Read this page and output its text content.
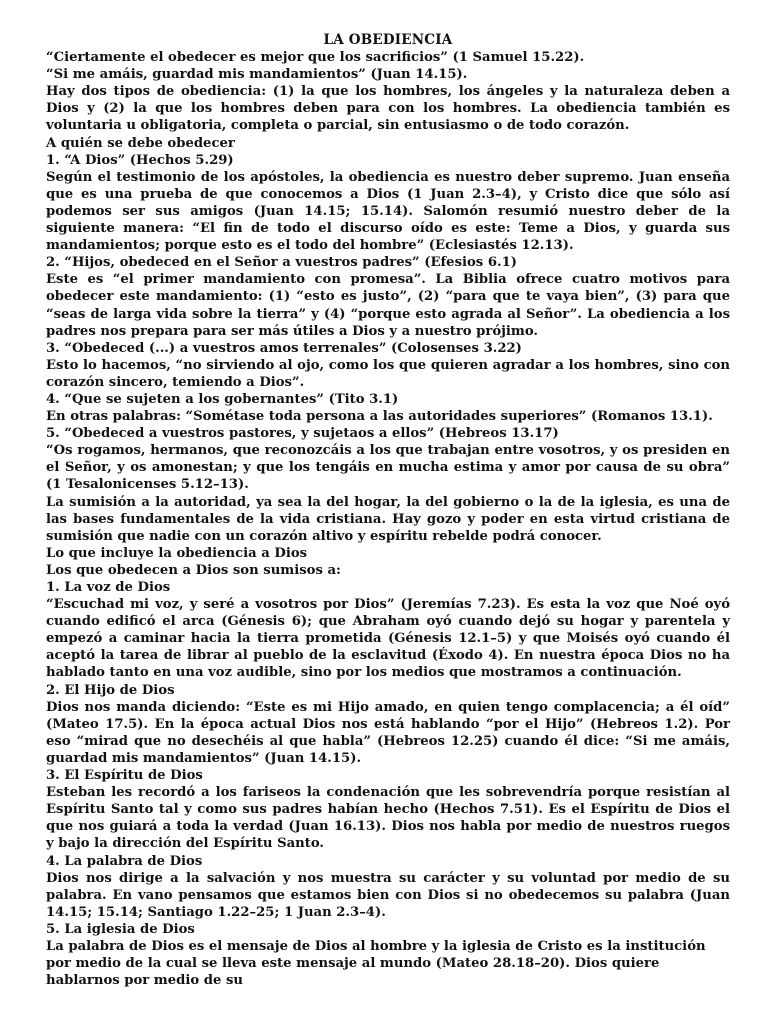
LA OBEDIENCIA

“Ciertamente el obedecer es mejor que los sacrificios” (1 Samuel 15.22).

“Si me amáis, guardad mis mandamientos” (Juan 14.15).

Hay dos tipos de obediencia: (1) la que los hombres, los ángeles y la naturaleza deben a Dios y (2) la que los hombres deben para con los hombres. La obediencia también es voluntaria u obligatoria, completa o parcial, sin entusiasmo o de todo corazón.

A quién se debe obedecer

1. “A Dios” (Hechos 5.29)

Según el testimonio de los apóstoles, la obediencia es nuestro deber supremo. Juan enseña que es una prueba de que conocemos a Dios (1 Juan 2.3–4), y Cristo dice que sólo así podemos ser sus amigos (Juan 14.15; 15.14). Salomón resumió nuestro deber de la siguiente manera: “El fin de todo el discurso oído es este: Teme a Dios, y guarda sus mandamientos; porque esto es el todo del hombre” (Eclesiastés 12.13).

2. “Hijos, obedeced en el Señor a vuestros padres” (Efesios 6.1)

Este es “el primer mandamiento con promesa”. La Biblia ofrece cuatro motivos para obedecer este mandamiento: (1) “esto es justo”, (2) “para que te vaya bien”, (3) para que “seas de larga vida sobre la tierra” y (4) “porque esto agrada al Señor”. La obediencia a los padres nos prepara para ser más útiles a Dios y a nuestro prójimo.

3. “Obedeced (...) a vuestros amos terrenales” (Colosenses 3.22)

Esto lo hacemos, “no sirviendo al ojo, como los que quieren agradar a los hombres, sino con corazón sincero, temiendo a Dios”.

4. “Que se sujeten a los gobernantes” (Tito 3.1)

En otras palabras: “Sométase toda persona a las autoridades superiores” (Romanos 13.1).

5. “Obedeced a vuestros pastores, y sujetaos a ellos” (Hebreos 13.17)

“Os rogamos, hermanos, que reconozcáis a los que trabajan entre vosotros, y os presiden en el Señor, y os amonestan; y que los tengáis en mucha estima y amor por causa de su obra” (1 Tesalonicenses 5.12–13).

La sumisión a la autoridad, ya sea la del hogar, la del gobierno o la de la iglesia, es una de las bases fundamentales de la vida cristiana. Hay gozo y poder en esta virtud cristiana de sumisión que nadie con un corazón altivo y espíritu rebelde podrá conocer.

Lo que incluye la obediencia a Dios

Los que obedecen a Dios son sumisos a:

1. La voz de Dios

“Escuchad mi voz, y seré a vosotros por Dios” (Jeremías 7.23). Es esta la voz que Noé oyó cuando edificó el arca (Génesis 6); que Abraham oyó cuando dejó su hogar y parentela y empezó a caminar hacia la tierra prometida (Génesis 12.1–5) y que Moisés oyó cuando él aceptó la tarea de librar al pueblo de la esclavitud (Éxodo 4). En nuestra época Dios no ha hablado tanto en una voz audible, sino por los medios que mostramos a continuación.

2. El Hijo de Dios

Dios nos manda diciendo: “Este es mi Hijo amado, en quien tengo complacencia; a él oíd” (Mateo 17.5). En la época actual Dios nos está hablando “por el Hijo” (Hebreos 1.2). Por eso “mirad que no desechéis al que habla” (Hebreos 12.25) cuando él dice: “Si me amáis, guardad mis mandamientos” (Juan 14.15).

3. El Espíritu de Dios

Esteban les recordó a los fariseos la condenación que les sobrevendría porque resistían al Espíritu Santo tal y como sus padres habían hecho (Hechos 7.51). Es el Espíritu de Dios el que nos guiará a toda la verdad (Juan 16.13). Dios nos habla por medio de nuestros ruegos y bajo la dirección del Espíritu Santo.

4. La palabra de Dios

Dios nos dirige a la salvación y nos muestra su carácter y su voluntad por medio de su palabra. En vano pensamos que estamos bien con Dios si no obedecemos su palabra (Juan 14.15; 15.14; Santiago 1.22–25; 1 Juan 2.3–4).

5. La iglesia de Dios

La palabra de Dios es el mensaje de Dios al hombre y la iglesia de Cristo es la institución por medio de la cual se lleva este mensaje al mundo (Mateo 28.18–20). Dios quiere hablarnos por medio de su
